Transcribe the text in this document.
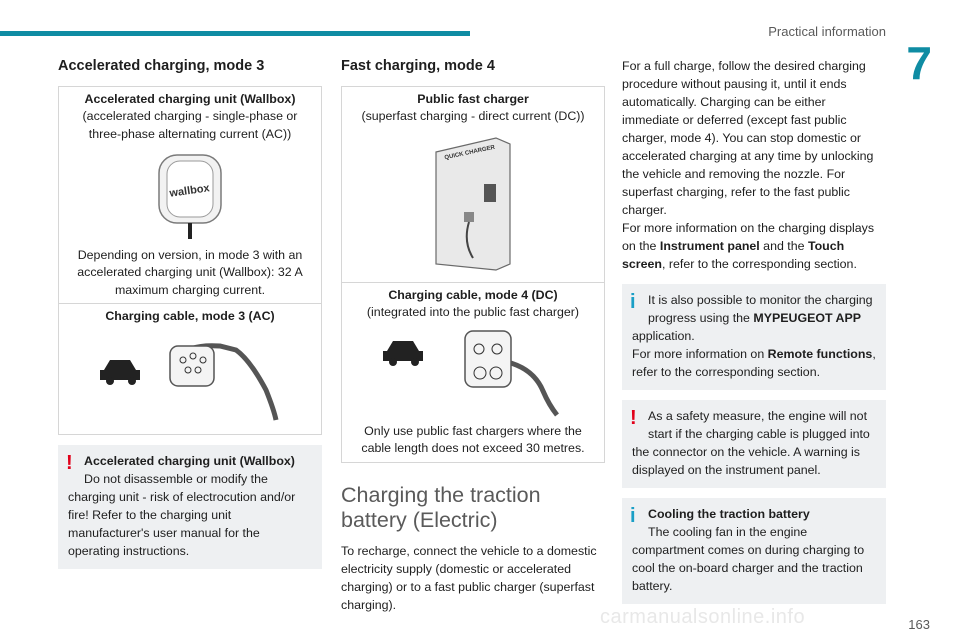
Practical information
7
Accelerated charging, mode 3
Accelerated charging unit (Wallbox)
(accelerated charging - single-phase or three-phase alternating current (AC))
wallbox
Depending on version, in mode 3 with an accelerated charging unit (Wallbox): 32 A maximum charging current.
Charging cable, mode 3 (AC)
! Accelerated charging unit (Wallbox)
Do not disassemble or modify the
charging unit - risk of electrocution and/or fire! Refer to the charging unit manufacturer's user manual for the operating instructions.
Fast charging, mode 4
Public fast charger
(superfast charging - direct current (DC))
QUICK CHARGER
Charging cable, mode 4 (DC)
(integrated into the public fast charger)  Only use public fast chargers where the cable length does not exceed 30 metres.
Charging the traction battery (Electric)

To recharge, connect the vehicle to a domestic electricity supply (domestic or accelerated charging) or to a fast public charger (superfast charging).

For a full charge, follow the desired charging procedure without pausing it, until it ends automatically. Charging can be either immediate or deferred (except fast public charger, mode 4). You can stop domestic or accelerated charging at any time by unlocking the vehicle and removing the nozzle. For superfast charging, refer to the fast public charger.

For more information on the charging displays on the Instrument panel and the Touch screen, refer to the corresponding section.

i	It is also possible to monitor the charging progress using the MYPEUGEOT APP
application.
For more information on Remote functions, refer to the corresponding section.
! As a safety measure, the engine will not start if the charging cable is plugged into
the connector on the vehicle. A warning is displayed on the instrument panel.
i	Cooling the traction battery
The cooling fan in the engine
compartment comes on during charging to cool the on-board charger and the traction battery.
carmanualsonline.info	163
